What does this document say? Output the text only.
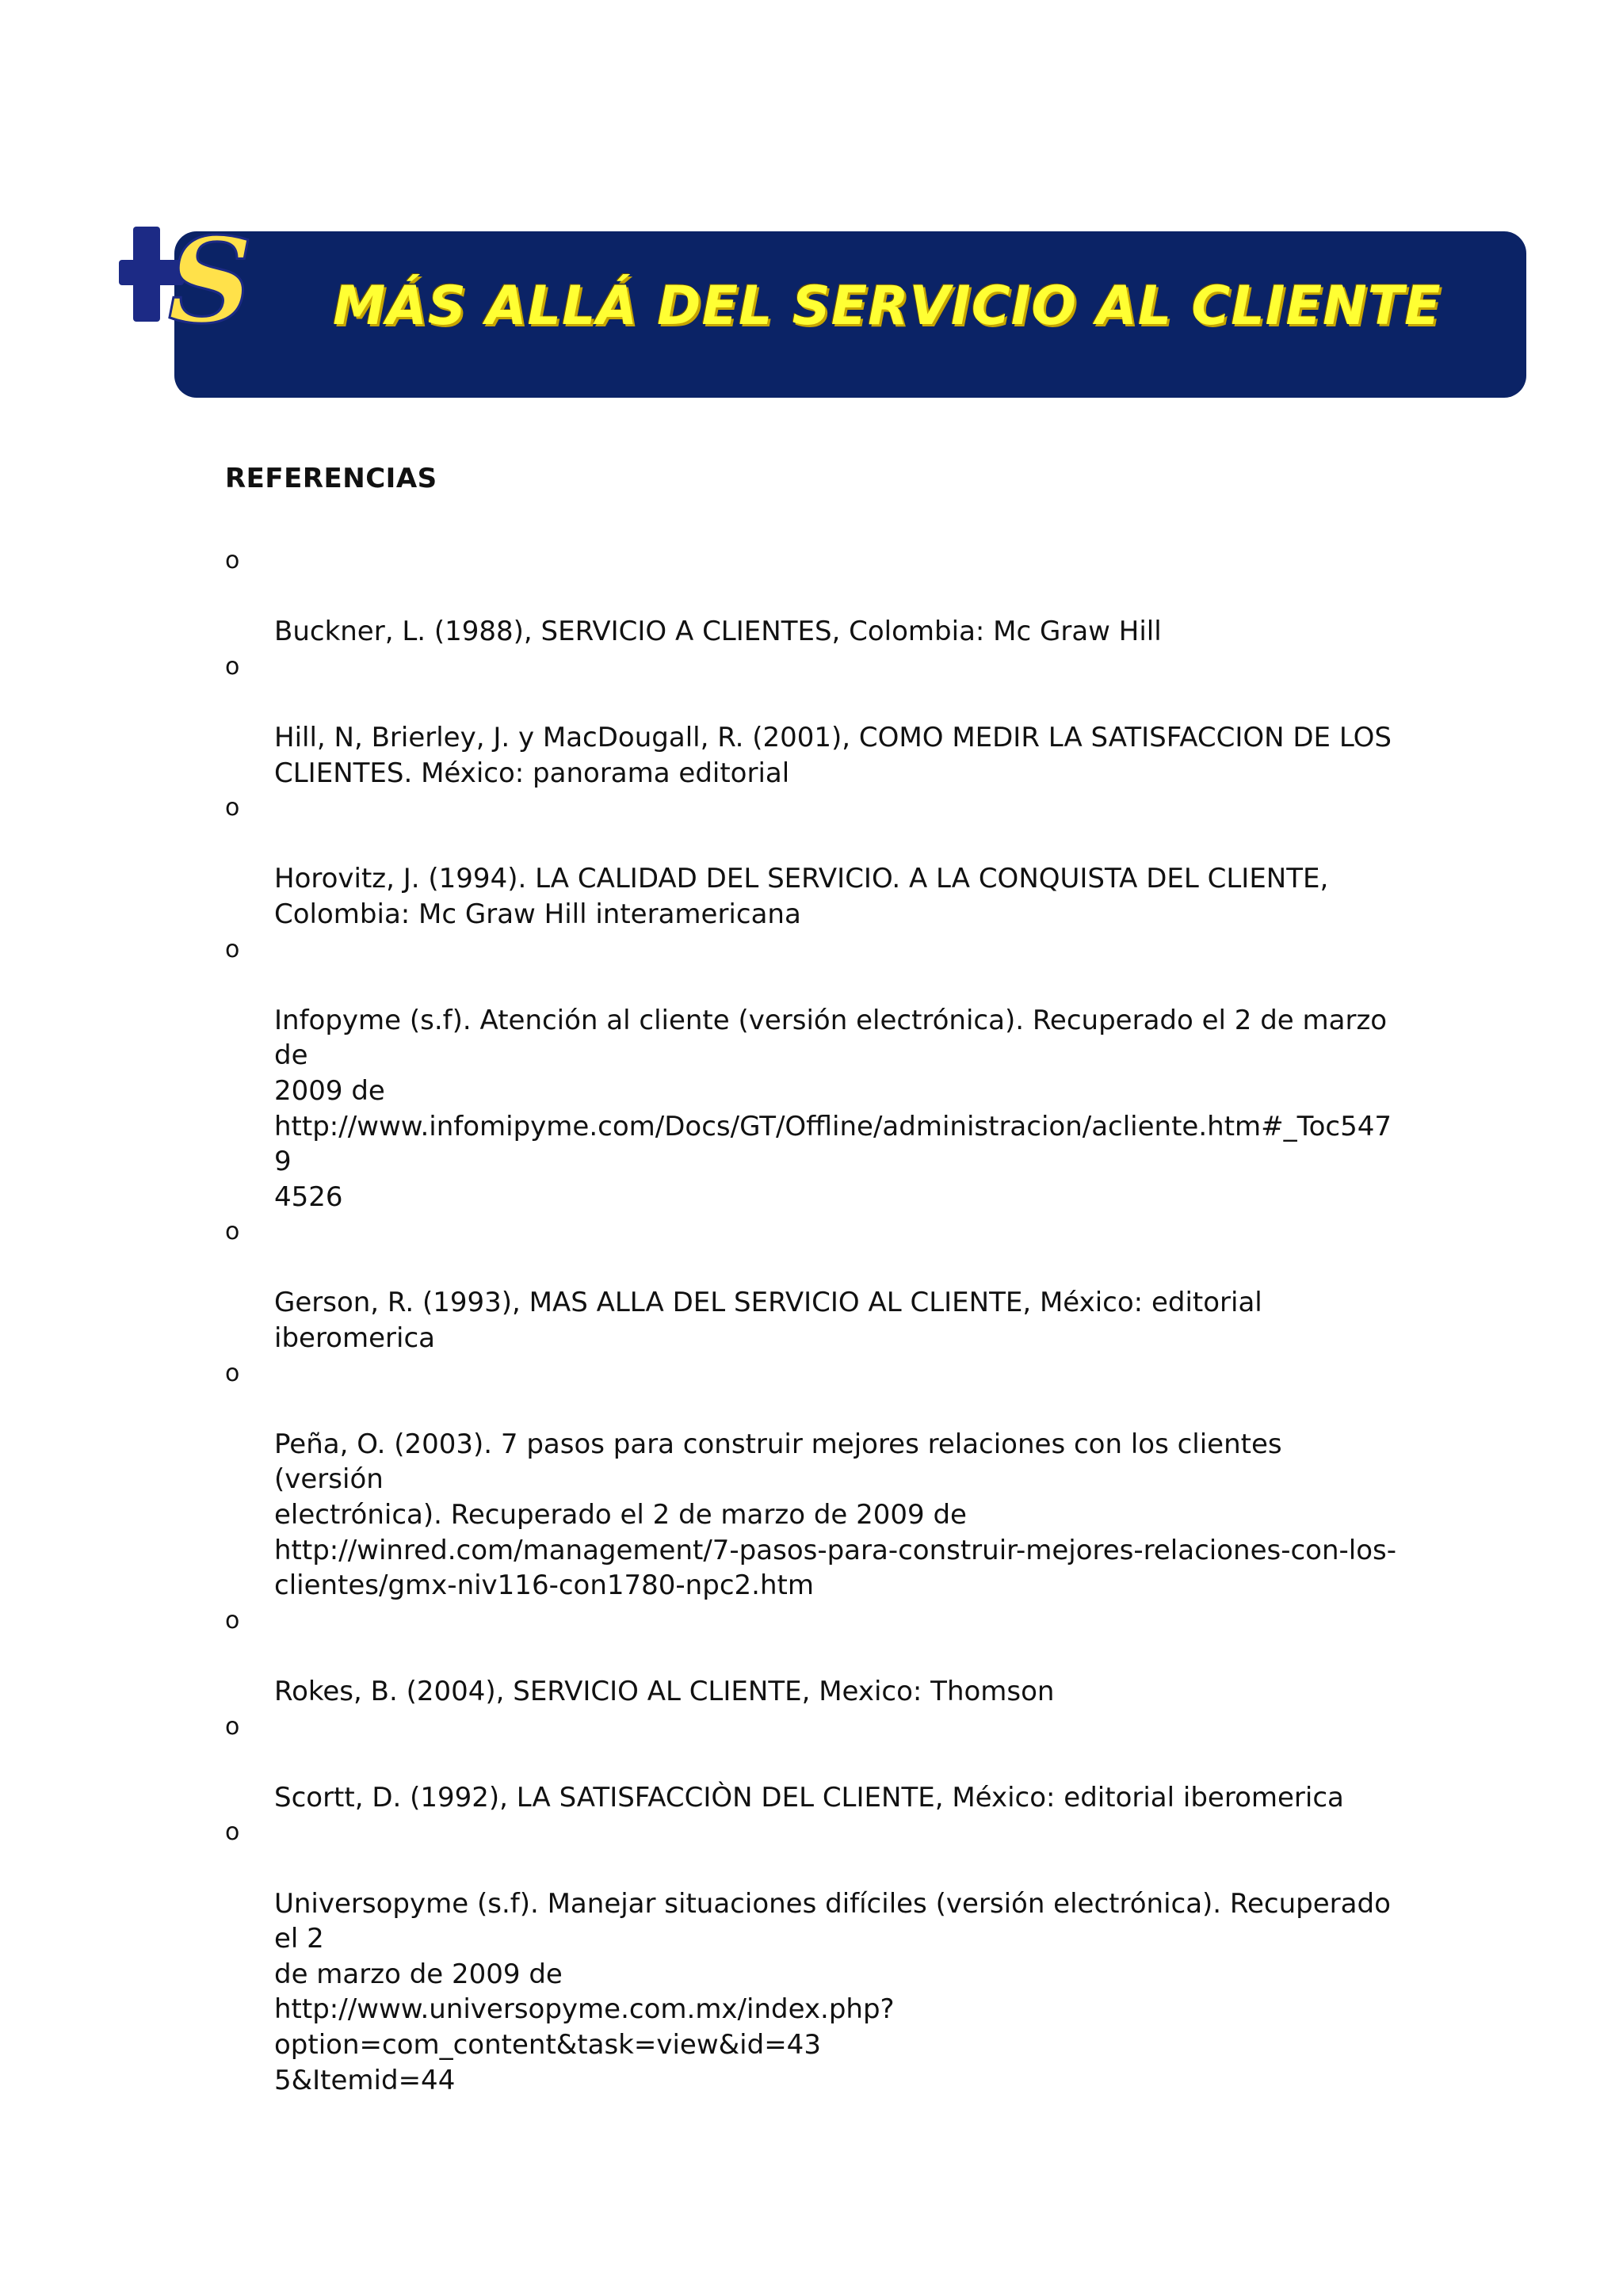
MÁS ALLÁ DEL SERVICIO AL CLIENTE
S
REFERENCIAS

o

Buckner, L. (1988), SERVICIO A CLIENTES, Colombia: Mc Graw Hill

o

Hill, N, Brierley, J. y MacDougall, R. (2001), COMO MEDIR LA SATISFACCION DE LOS
CLIENTES. México: panorama editorial

o

Horovitz, J. (1994). LA CALIDAD DEL SERVICIO. A LA CONQUISTA DEL CLIENTE,
Colombia: Mc Graw Hill interamericana

o

Infopyme (s.f). Atención al cliente (versión electrónica). Recuperado el 2 de marzo de
2009 de
http://www.infomipyme.com/Docs/GT/Offline/administracion/acliente.htm#_Toc5479
4526

o

Gerson, R. (1993), MAS ALLA DEL SERVICIO AL CLIENTE, México: editorial
iberomerica

o

Peña, O. (2003). 7 pasos para construir mejores relaciones con los clientes (versión
electrónica). Recuperado el 2 de marzo de 2009 de
http://winred.com/management/7-pasos-para-construir-mejores-relaciones-con-los-
clientes/gmx-niv116-con1780-npc2.htm

o

Rokes, B. (2004), SERVICIO AL CLIENTE, Mexico: Thomson

o

Scortt, D. (1992), LA SATISFACCIÒN DEL CLIENTE, México: editorial iberomerica

o

Universopyme (s.f). Manejar situaciones difíciles (versión electrónica). Recuperado el 2
de marzo de 2009 de
http://www.universopyme.com.mx/index.php?option=com_content&task=view&id=43
5&Itemid=44
